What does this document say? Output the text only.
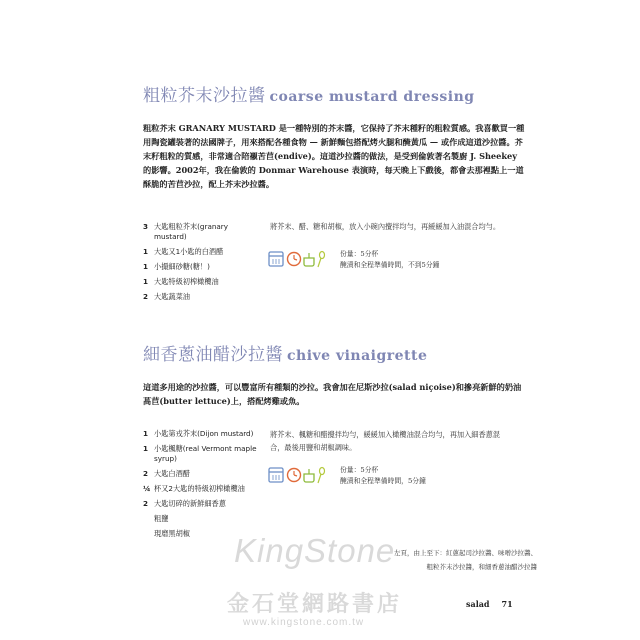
粗粒芥末沙拉醬 coarse mustard dressing
粗粒芥末 GRANARY MUSTARD 是一種特別的芥末醬，它保持了芥末種籽的粗粒質感。我喜歡買一種用陶瓷罐裝著的法國牌子，用來搭配各種食物 — 新鮮麵包搭配烤火腿和醃黃瓜 — 或作成這道沙拉醬。芥末籽粗粒的質感，非常適合陪襯苦苣(endive)。這道沙拉醬的做法，是受到倫敦著名製廚 J. Sheekey 的影響。2002年，我在倫敦的 Donmar Warehouse 表演時，每天晚上下戲後，都會去那裡點上一道酥脆的苦苣沙拉，配上芥末沙拉醬。
3 大匙粗粒芥末(granary mustard)
1 大匙又1小匙的白酒醋
1 小撮細砂糖(糖！)
1 大匙特級初榨橄欖油
2 大匙蔬菜油
將芥末、醋、糖和胡椒，放入小碗內攪拌均勻，再緩緩加入油混合均勻。
份量：5分杯
醃漬和全程準備時間，不到5分鐘
細香蔥油醋沙拉醬 chive vinaigrette
這道多用途的沙拉醬，可以豐富所有種類的沙拉。我會加在尼斯沙拉(salad niçoise)和摻亮新鮮的奶油萵苣(butter lettuce)上，搭配烤雞或魚。
1 小匙第戎芥末(Dijon mustard)
1 小匙楓糖(real Vermont maple syrup)
2 大匙白酒醋
¼ 杯又2大匙的特級初榨橄欖油
2 大匙切碎的新鮮細香蔥
粗鹽
現磨黑胡椒
將芥末、楓糖和醋攪拌均勻，緩緩加入橄欖油混合均勻，再加入細香蔥混合，最後用鹽和胡椒調味。
份量：5分杯
醃漬和全程準備時間，5分鐘
左頁，由上至下：紅蔥起司沙拉醬、味噌沙拉醬、
粗粒芥末沙拉醬，和細香蔥油醋沙拉醬
salad 71
KingStone
金石堂網路書店
www.kingstone.com.tw
